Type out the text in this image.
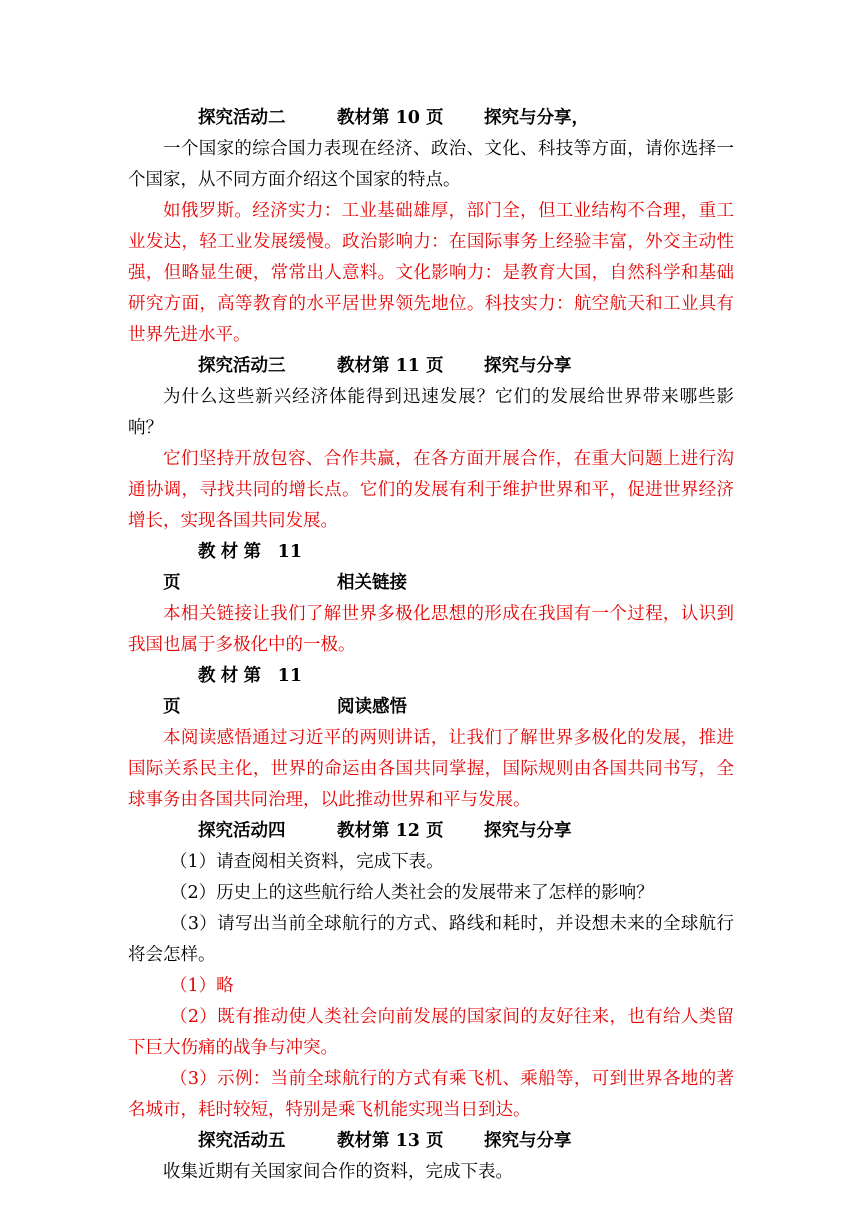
探究活动二	教材第 10 页 探究与分享，

一个国家的综合国力表现在经济、政治、文化、科技等方面，请你选择一个国家，从不同方面介绍这个国家的特点。

如俄罗斯。经济实力：工业基础雄厚，部门全，但工业结构不合理，重工业发达，轻工业发展缓慢。政治影响力：在国际事务上经验丰富，外交主动性强，但略显生硬，常常出人意料。文化影响力：是教育大国，自然科学和基础研究方面，高等教育的水平居世界领先地位。科技实力：航空航天和工业具有世界先进水平。

探究活动三	教材第 11 页 探究与分享

为什么这些新兴经济体能得到迅速发展？它们的发展给世界带来哪些影响？

它们坚持开放包容、合作共赢，在各方面开展合作，在重大问题上进行沟通协调，寻找共同的增长点。它们的发展有利于维护世界和平，促进世界经济增长，实现各国共同发展。

教材第 11 页	相关链接

本相关链接让我们了解世界多极化思想的形成在我国有一个过程，认识到我国也属于多极化中的一极。

教材第 11 页	阅读感悟

本阅读感悟通过习近平的两则讲话，让我们了解世界多极化的发展，推进国际关系民主化，世界的命运由各国共同掌握，国际规则由各国共同书写，全球事务由各国共同治理，以此推动世界和平与发展。

探究活动四	教材第 12 页 探究与分享

（1）请查阅相关资料，完成下表。

（2）历史上的这些航行给人类社会的发展带来了怎样的影响？

（3）请写出当前全球航行的方式、路线和耗时，并设想未来的全球航行将会怎样。

（1）略

（2）既有推动使人类社会向前发展的国家间的友好往来，也有给人类留下巨大伤痛的战争与冲突。

（3）示例：当前全球航行的方式有乘飞机、乘船等，可到世界各地的著名城市，耗时较短，特别是乘飞机能实现当日到达。

探究活动五	教材第 13 页 探究与分享

收集近期有关国家间合作的资料，完成下表。
